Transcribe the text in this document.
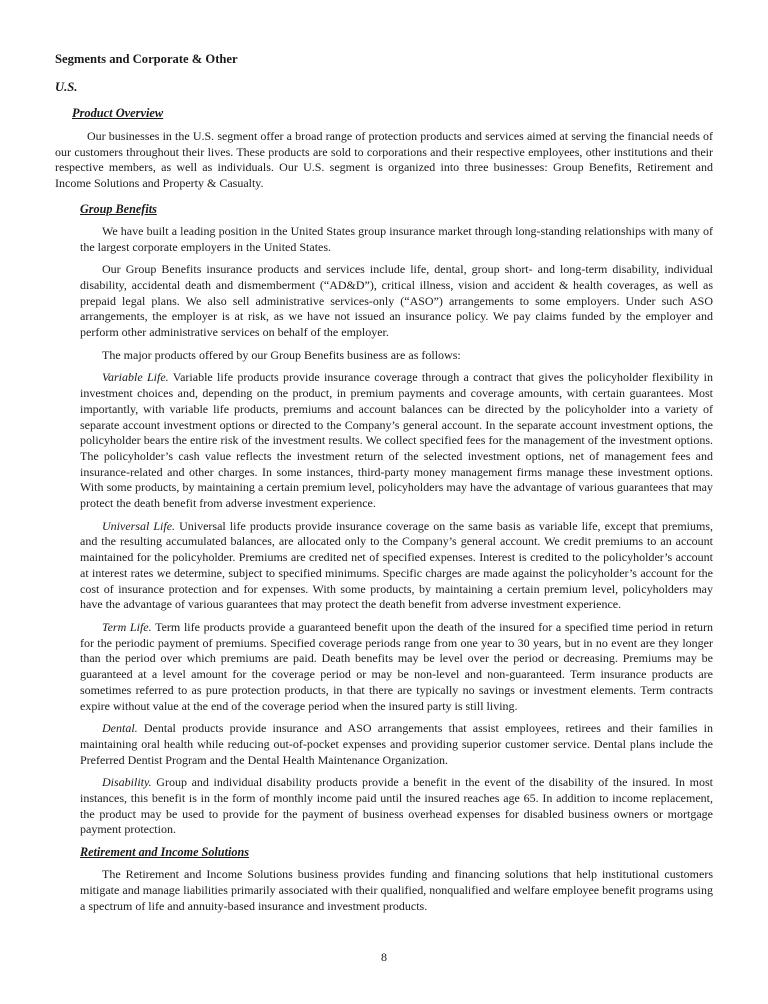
Segments and Corporate & Other
U.S.
Product Overview

Our businesses in the U.S. segment offer a broad range of protection products and services aimed at serving the financial needs of our customers throughout their lives. These products are sold to corporations and their respective employees, other institutions and their respective members, as well as individuals. Our U.S. segment is organized into three businesses: Group Benefits, Retirement and Income Solutions and Property & Casualty.

Group Benefits

We have built a leading position in the United States group insurance market through long-standing relationships with many of the largest corporate employers in the United States.

Our Group Benefits insurance products and services include life, dental, group short- and long-term disability, individual disability, accidental death and dismemberment (“AD&D”), critical illness, vision and accident & health coverages, as well as prepaid legal plans. We also sell administrative services-only (“ASO”) arrangements to some employers. Under such ASO arrangements, the employer is at risk, as we have not issued an insurance policy. We pay claims funded by the employer and perform other administrative services on behalf of the employer.

The major products offered by our Group Benefits business are as follows:

Variable Life. Variable life products provide insurance coverage through a contract that gives the policyholder flexibility in investment choices and, depending on the product, in premium payments and coverage amounts, with certain guarantees. Most importantly, with variable life products, premiums and account balances can be directed by the policyholder into a variety of separate account investment options or directed to the Company’s general account. In the separate account investment options, the policyholder bears the entire risk of the investment results. We collect specified fees for the management of the investment options. The policyholder’s cash value reflects the investment return of the selected investment options, net of management fees and insurance-related and other charges. In some instances, third-party money management firms manage these investment options. With some products, by maintaining a certain premium level, policyholders may have the advantage of various guarantees that may protect the death benefit from adverse investment experience.

Universal Life. Universal life products provide insurance coverage on the same basis as variable life, except that premiums, and the resulting accumulated balances, are allocated only to the Company’s general account. We credit premiums to an account maintained for the policyholder. Premiums are credited net of specified expenses. Interest is credited to the policyholder’s account at interest rates we determine, subject to specified minimums. Specific charges are made against the policyholder’s account for the cost of insurance protection and for expenses. With some products, by maintaining a certain premium level, policyholders may have the advantage of various guarantees that may protect the death benefit from adverse investment experience.

Term Life. Term life products provide a guaranteed benefit upon the death of the insured for a specified time period in return for the periodic payment of premiums. Specified coverage periods range from one year to 30 years, but in no event are they longer than the period over which premiums are paid. Death benefits may be level over the period or decreasing. Premiums may be guaranteed at a level amount for the coverage period or may be non-level and non-guaranteed. Term insurance products are sometimes referred to as pure protection products, in that there are typically no savings or investment elements. Term contracts expire without value at the end of the coverage period when the insured party is still living.

Dental. Dental products provide insurance and ASO arrangements that assist employees, retirees and their families in maintaining oral health while reducing out-of-pocket expenses and providing superior customer service. Dental plans include the Preferred Dentist Program and the Dental Health Maintenance Organization.

Disability. Group and individual disability products provide a benefit in the event of the disability of the insured. In most instances, this benefit is in the form of monthly income paid until the insured reaches age 65. In addition to income replacement, the product may be used to provide for the payment of business overhead expenses for disabled business owners or mortgage payment protection.

Retirement and Income Solutions

The Retirement and Income Solutions business provides funding and financing solutions that help institutional customers mitigate and manage liabilities primarily associated with their qualified, nonqualified and welfare employee benefit programs using a spectrum of life and annuity-based insurance and investment products.

8
